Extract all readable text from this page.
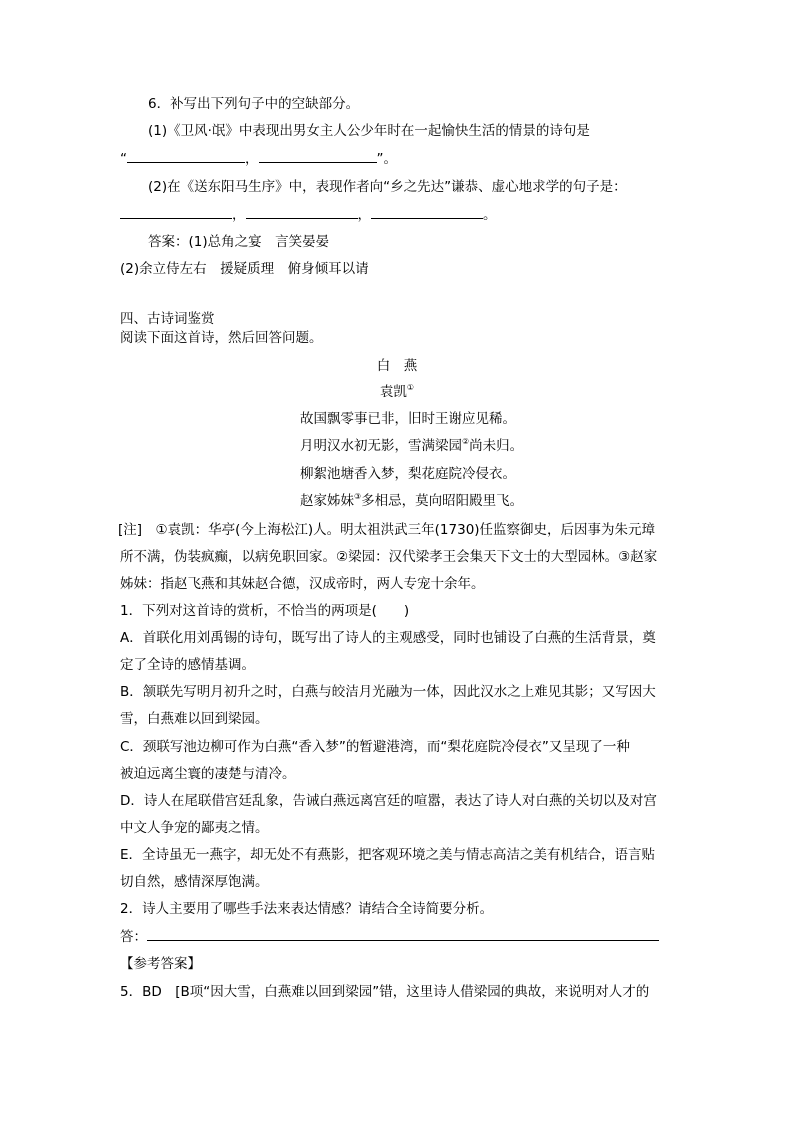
6．补写出下列句子中的空缺部分。
(1)《卫风·氓》中表现出男女主人公少年时在一起愉快生活的情景的诗句是
“	，	”。
(2)在《送东阳马生序》中，表现作者向“乡之先达”谦恭、虚心地求学的句子是：
，	，	。
答案：(1)总角之宴　言笑晏晏
(2)余立侍左右　援疑质理　俯身倾耳以请
四、古诗词鉴赏
阅读下面这首诗，然后回答问题。
白　燕
袁凯①
故国飘零事已非，旧时王谢应见稀。
月明汉水初无影，雪满梁园②尚未归。
柳絮池塘香入梦，梨花庭院冷侵衣。
赵家姊妹③多相忌，莫向昭阳殿里飞。
[注]　①袁凯：华亭(今上海松江)人。明太祖洪武三年(1730)任监察御史，后因事为朱元璋
所不满，伪装疯癫，以病免职回家。②梁园：汉代梁孝王会集天下文士的大型园林。③赵家
姊妹：指赵飞燕和其妹赵合德，汉成帝时，两人专宠十余年。
1．下列对这首诗的赏析，不恰当的两项是(　　)
A．首联化用刘禹锡的诗句，既写出了诗人的主观感受，同时也铺设了白燕的生活背景，奠
定了全诗的感情基调。
B．颔联先写明月初升之时，白燕与皎洁月光融为一体，因此汉水之上难见其影；又写因大
雪，白燕难以回到梁园。
C．颈联写池边柳可作为白燕“香入梦”的暂避港湾，而“梨花庭院冷侵衣”又呈现了一种
被迫远离尘寰的凄楚与清冷。
D．诗人在尾联借宫廷乱象，告诫白燕远离宫廷的喧嚣，表达了诗人对白燕的关切以及对宫
中文人争宠的鄙夷之情。
E．全诗虽无一燕字，却无处不有燕影，把客观环境之美与情志高洁之美有机结合，语言贴
切自然，感情深厚饱满。
2．诗人主要用了哪些手法来表达情感？请结合全诗简要分析。
答：
【参考答案】
5．BD　[B项“因大雪，白燕难以回到梁园”错，这里诗人借梁园的典故，来说明对人才的
